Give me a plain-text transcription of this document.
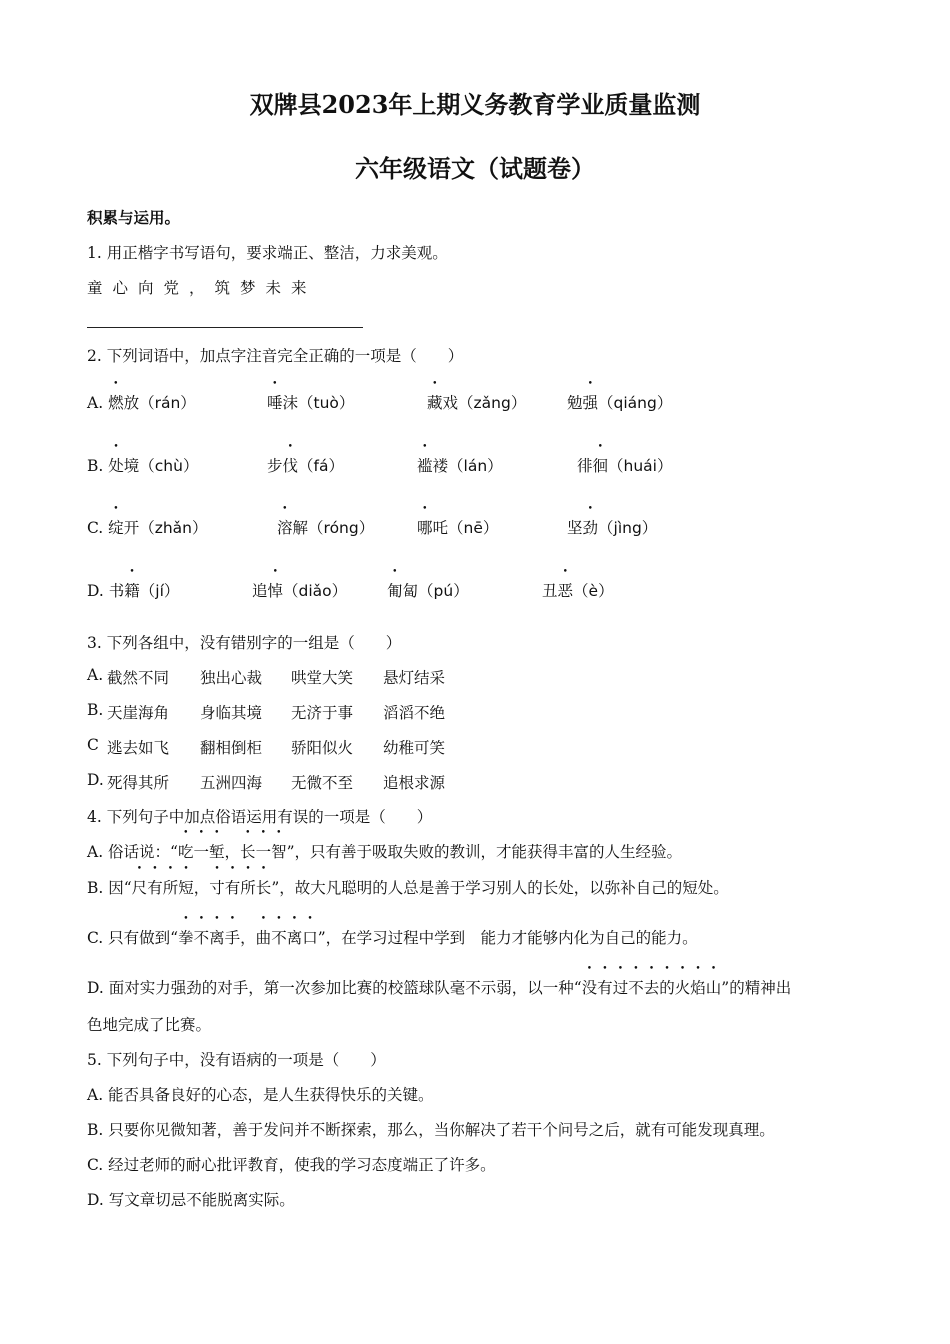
双牌县2023年上期义务教育学业质量监测
六年级语文（试题卷）
积累与运用。
1. 用正楷字书写语句，要求端正、整洁，力求美观。
童心向党，筑梦未来
2. 下列词语中，加点字注音完全正确的一项是（　　）
A. 燃放（rán）	唾沫（tuò）	藏戏（zǎng）	勉强（qiáng）
B. 处境（chù）	步伐（fá）	褴褛（lán）	徘徊（huái）
C. 绽开（zhǎn）	溶解（róng）	哪吒（nē）	坚劲（jìng）
D. 书籍（jí）	追悼（diǎo）	匍匐（pú）	丑恶（è）
3. 下列各组中，没有错别字的一组是（　　）
A. 截然不同 独出心裁 哄堂大笑 悬灯结采
B. 天崖海角 身临其境 无济于事 滔滔不绝
C 逃去如飞 翻相倒柜 骄阳似火 幼稚可笑
D. 死得其所 五洲四海 无微不至 追根求源
4. 下列句子中加点俗语运用有误的一项是（　　）
A. 俗话说：“吃一堑，长一智”，只有善于吸取失败的教训，才能获得丰富的人生经验。
B. 因“尺有所短，寸有所长”，故大凡聪明的人总是善于学习别人的长处，以弥补自己的短处。
C. 只有做到“拳不离手，曲不离口”，在学习过程中学到　能力才能够内化为自己的能力。
D. 面对实力强劲的对手，第一次参加比赛的校篮球队毫不示弱，以一种“没有过不去的火焰山”的精神出
色地完成了比赛。
5. 下列句子中，没有语病的一项是（　　）
A. 能否具备良好的心态，是人生获得快乐的关键。
B. 只要你见微知著，善于发问并不断探索，那么，当你解决了若干个问号之后，就有可能发现真理。
C. 经过老师的耐心批评教育，使我的学习态度端正了许多。
D. 写文章切忌不能脱离实际。
